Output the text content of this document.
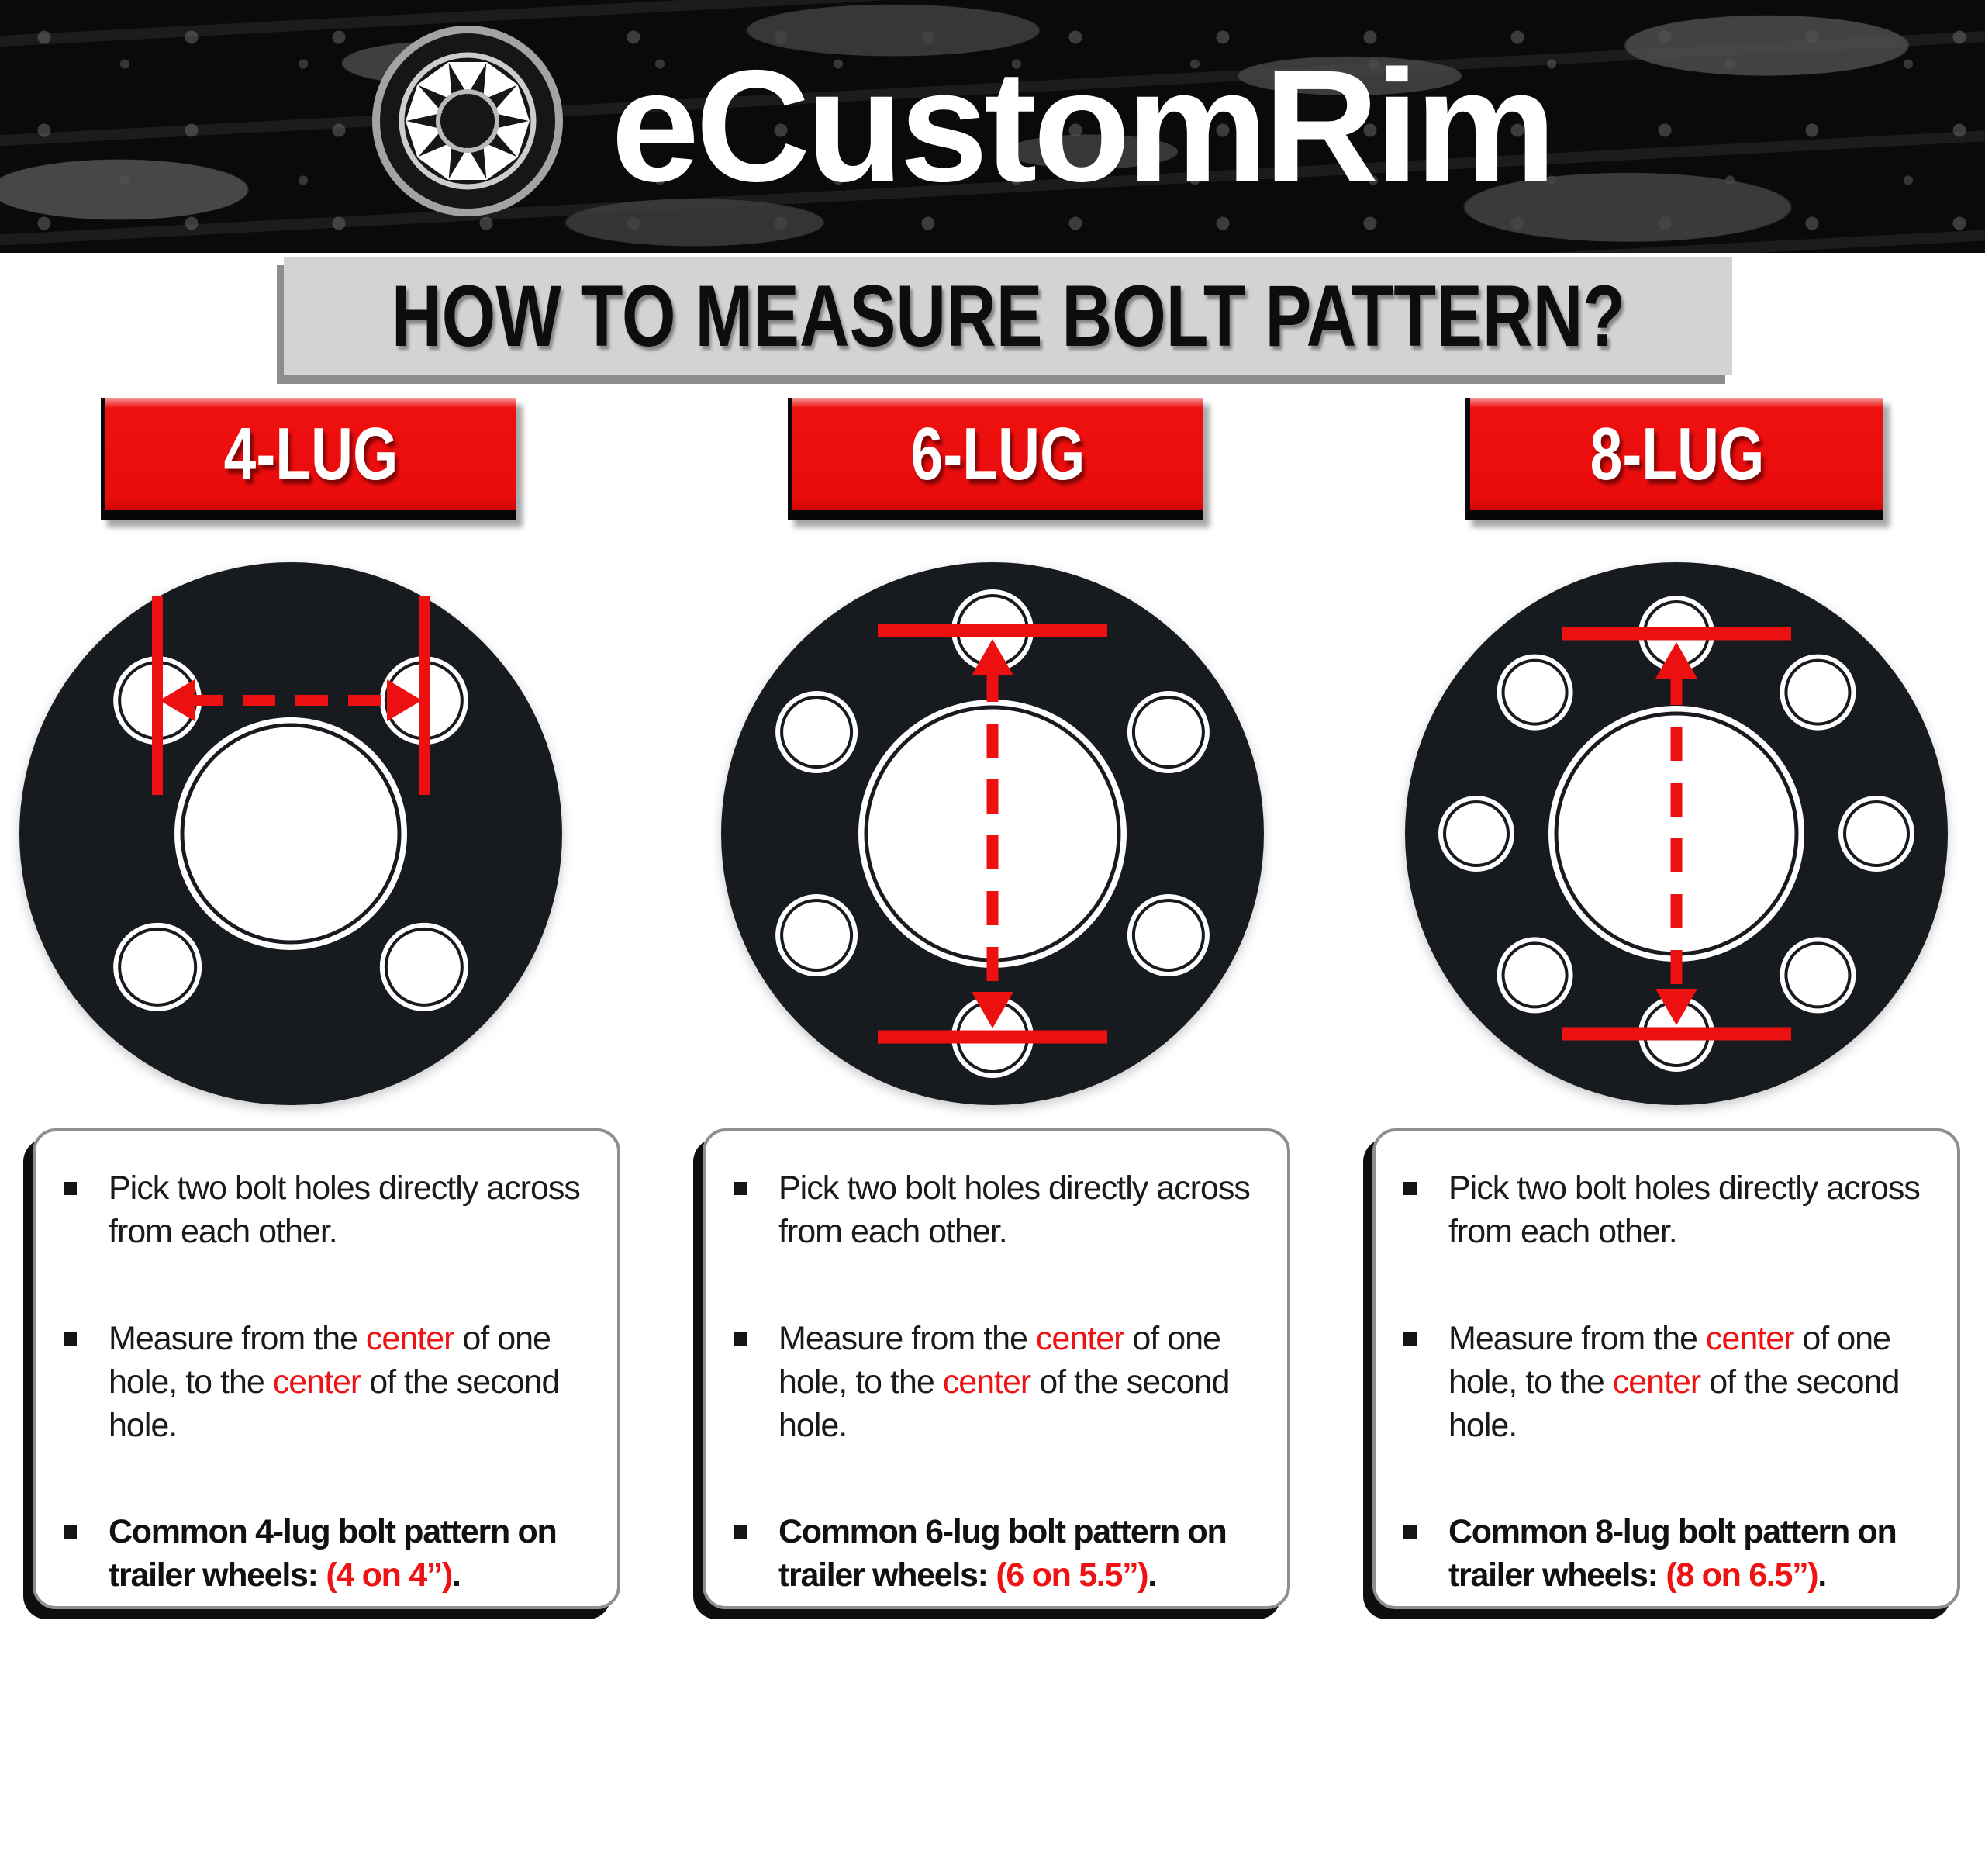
eCustomRim
HOW TO MEASURE BOLT PATTERN?
4-LUG	6-LUG	8-LUG

Pick two bolt holes directly across from each other.

Measure from the center of one hole, to the center of the second hole.

Common 4-lug bolt pattern on trailer wheels: (4 on 4”).

Pick two bolt holes directly across from each other.

Measure from the center of one hole, to the center of the second hole.

Common 6-lug bolt pattern on trailer wheels: (6 on 5.5”).

Pick two bolt holes directly across from each other.

Measure from the center of one hole, to the center of the second hole.

Common 8-lug bolt pattern on trailer wheels: (8 on 6.5”).
